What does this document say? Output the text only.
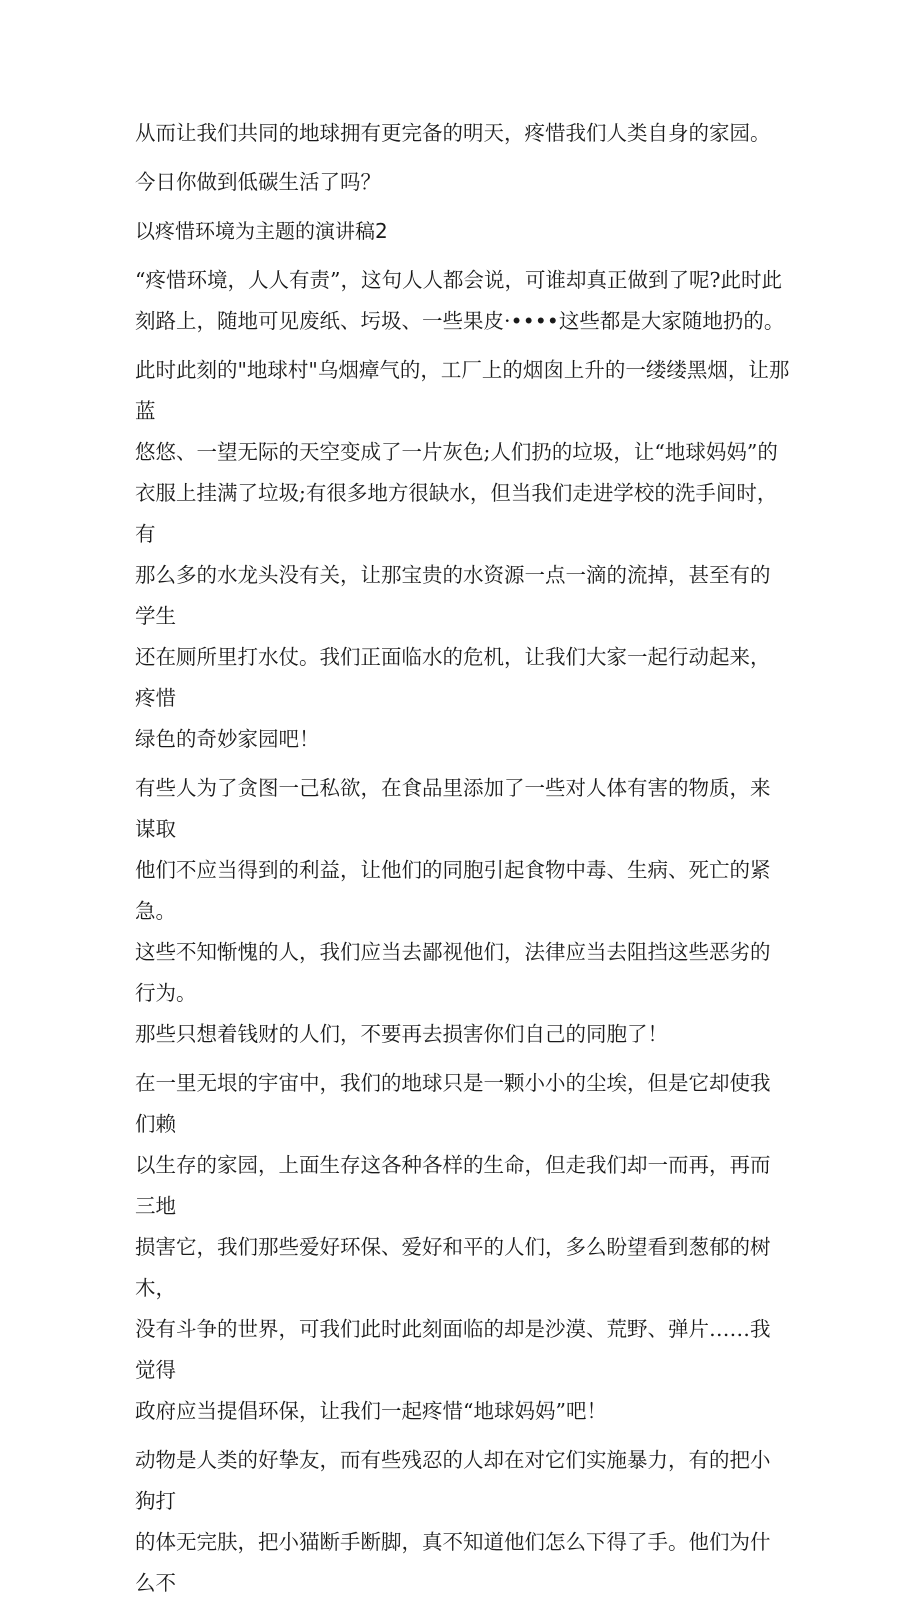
从而让我们共同的地球拥有更完备的明天，疼惜我们人类自身的家园。
今日你做到低碳生活了吗？
以疼惜环境为主题的演讲稿2
“疼惜环境，人人有责”，这句人人都会说，可谁却真正做到了呢?此时此
刻路上，随地可见废纸、圬圾、一些果皮·••••这些都是大家随地扔的。
此时此刻的"地球村"乌烟瘴气的，工厂上的烟囱上升的一缕缕黑烟，让那蓝
悠悠、一望无际的天空变成了一片灰色;人们扔的垃圾，让“地球妈妈”的
衣服上挂满了垃圾;有很多地方很缺水，但当我们走进学校的洗手间时，有
那么多的水龙头没有关，让那宝贵的水资源一点一滴的流掉，甚至有的学生
还在厕所里打水仗。我们正面临水的危机，让我们大家一起行动起来，疼惜
绿色的奇妙家园吧！
有些人为了贪图一己私欲，在食品里添加了一些对人体有害的物质，来谋取
他们不应当得到的利益，让他们的同胞引起食物中毒、生病、死亡的紧急。
这些不知惭愧的人，我们应当去鄙视他们，法律应当去阻挡这些恶劣的行为。
那些只想着钱财的人们，不要再去损害你们自己的同胞了！
在一里无垠的宇宙中，我们的地球只是一颗小小的尘埃，但是它却使我们赖
以生存的家园，上面生存这各种各样的生命，但走我们却一而再，再而三地
损害它，我们那些爱好环保、爱好和平的人们，多么盼望看到葱郁的树木，
没有斗争的世界，可我们此时此刻面临的却是沙漠、荒野、弹片……我觉得
政府应当提倡环保，让我们一起疼惜“地球妈妈”吧！
动物是人类的好挚友，而有些残忍的人却在对它们实施暴力，有的把小狗打
的体无完肤，把小猫断手断脚，真不知道他们怎么下得了手。他们为什么不
